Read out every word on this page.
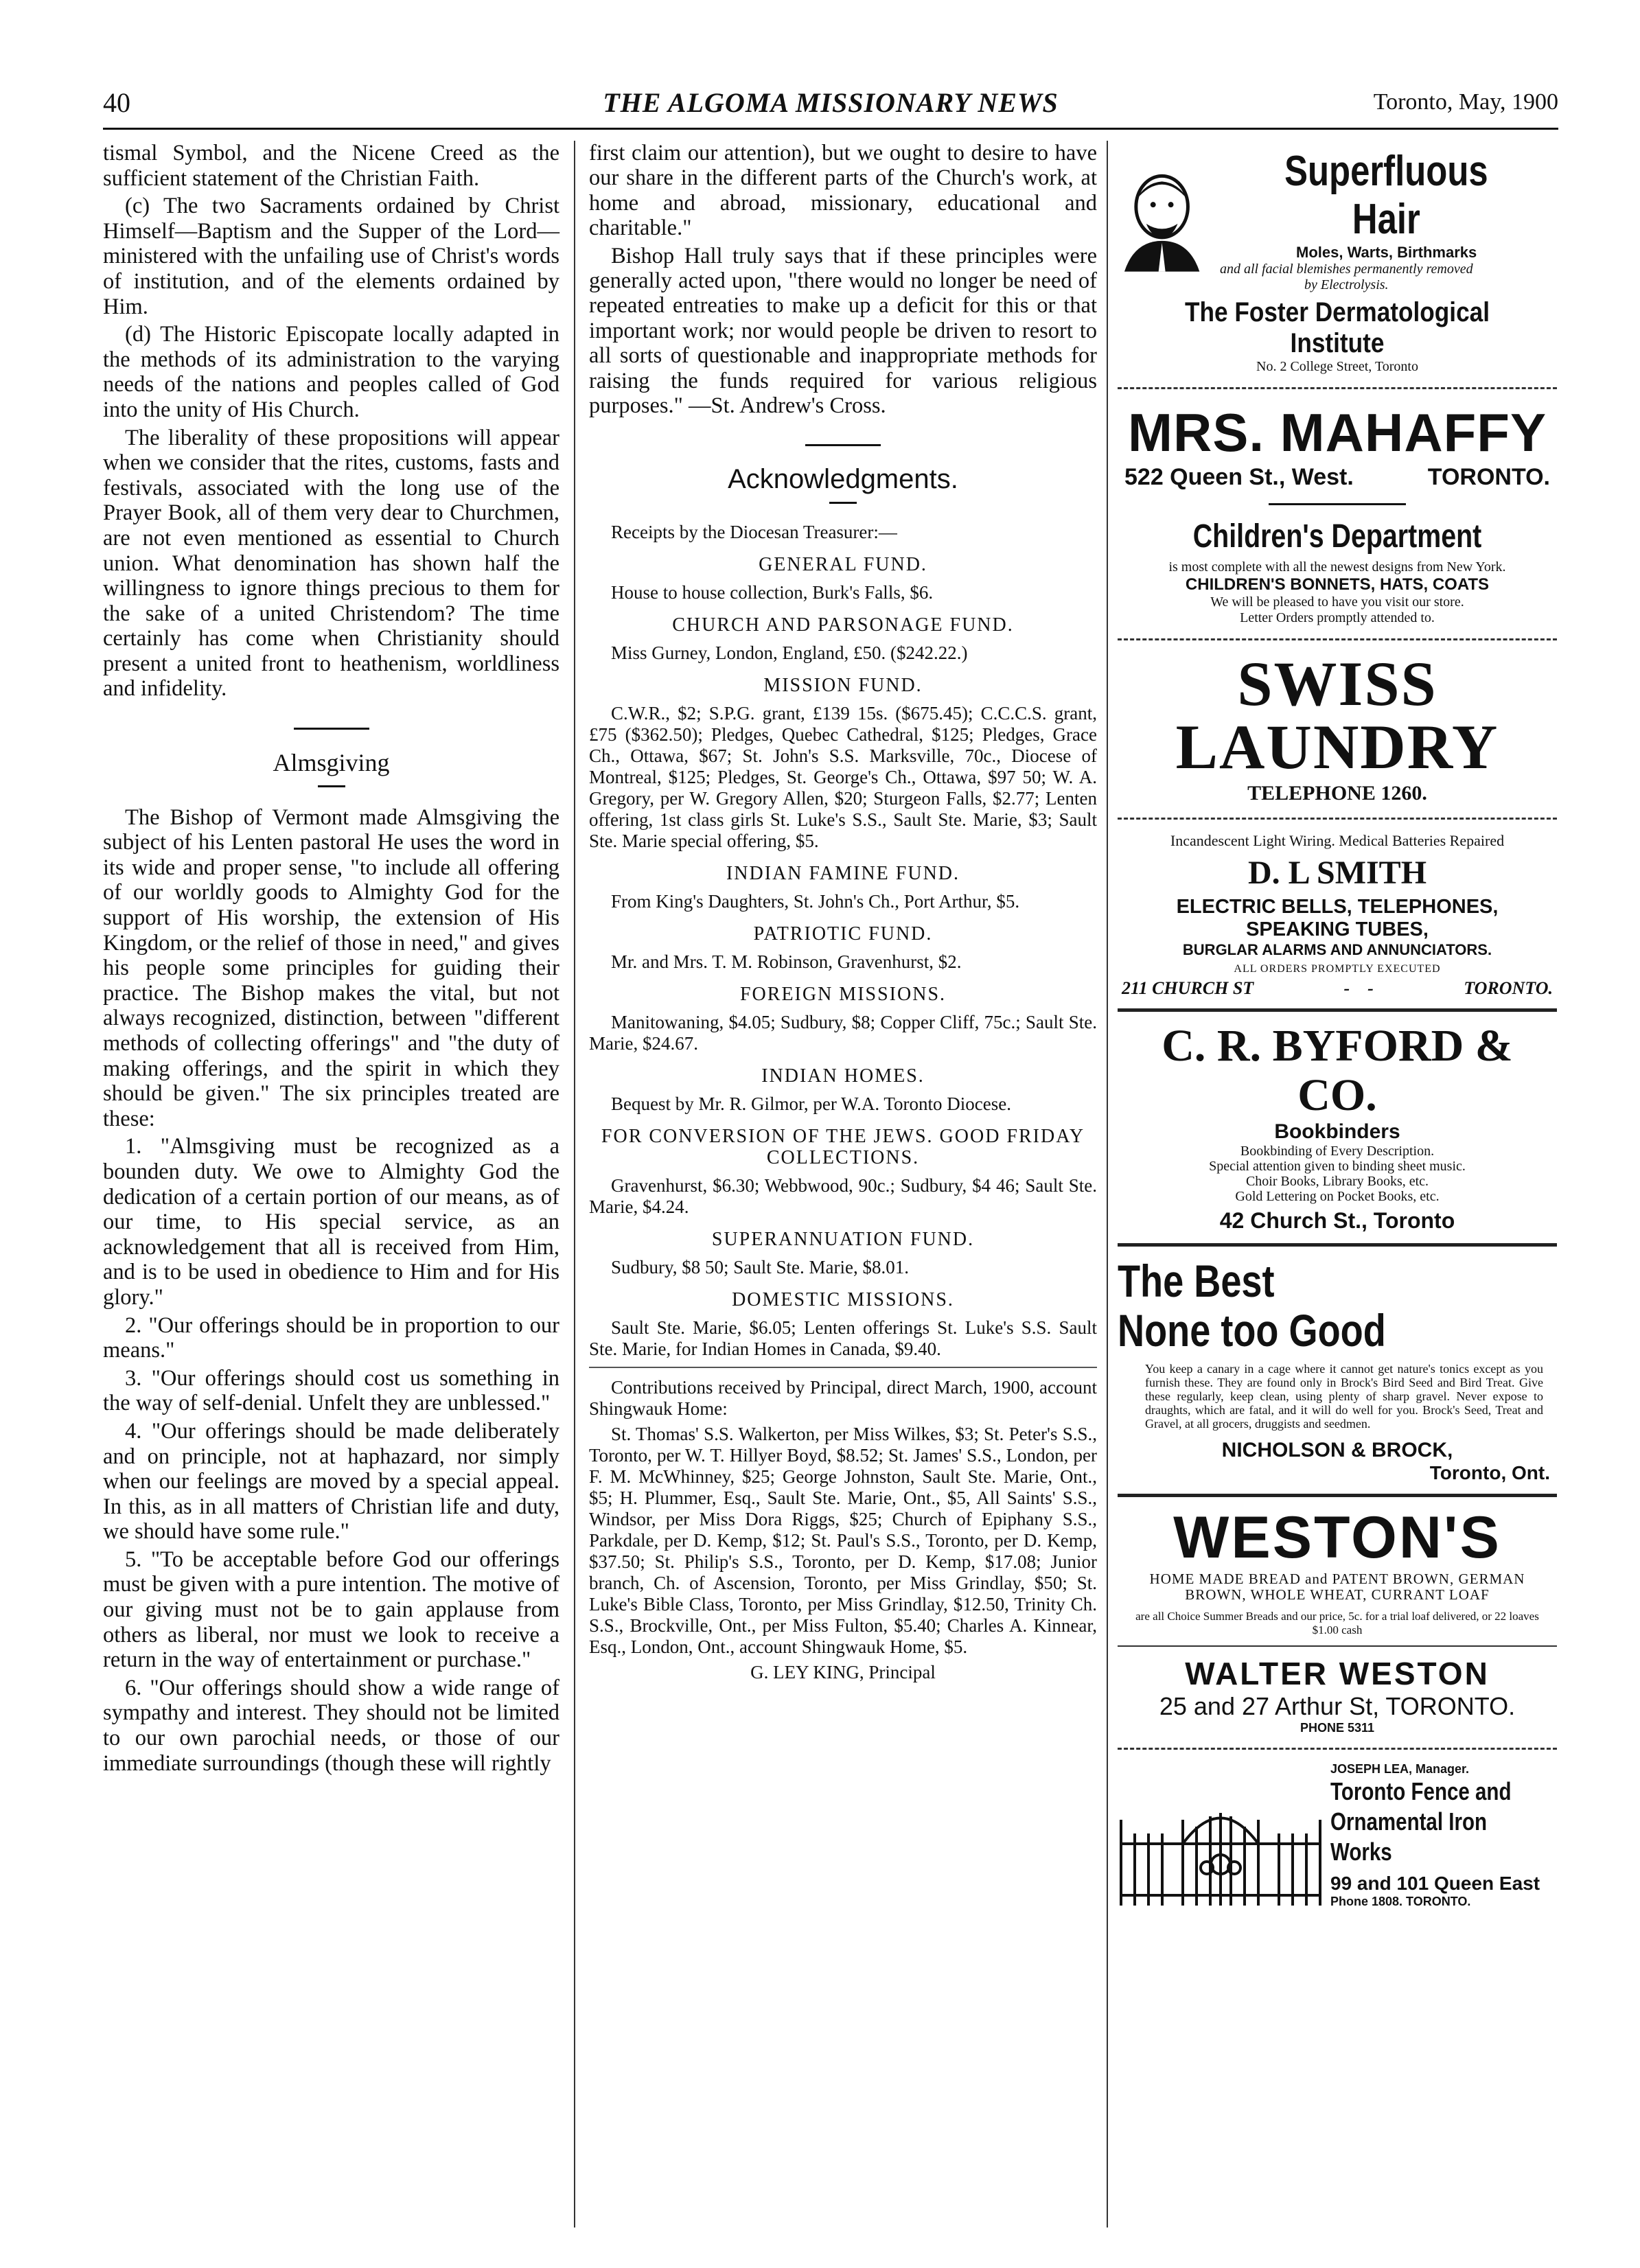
40	THE ALGOMA MISSIONARY NEWS	Toronto, May, 1900

tismal Symbol, and the Nicene Creed as the sufficient statement of the Christian Faith.

(c) The two Sacraments ordained by Christ Himself—Baptism and the Supper of the Lord—ministered with the unfailing use of Christ's words of institution, and of the elements ordained by Him.

(d) The Historic Episcopate locally adapted in the methods of its administration to the varying needs of the nations and peoples called of God into the unity of His Church.

The liberality of these propositions will appear when we consider that the rites, customs, fasts and festivals, associated with the long use of the Prayer Book, all of them very dear to Churchmen, are not even mentioned as essential to Church union. What denomination has shown half the willingness to ignore things precious to them for the sake of a united Christendom? The time certainly has come when Christianity should present a united front to heathenism, worldliness and infidelity.

Almsgiving

The Bishop of Vermont made Almsgiving the subject of his Lenten pastoral He uses the word in its wide and proper sense, "to include all offering of our worldly goods to Almighty God for the support of His worship, the extension of His Kingdom, or the relief of those in need," and gives his people some principles for guiding their practice. The Bishop makes the vital, but not always recognized, distinction, between "different methods of collecting offerings" and "the duty of making offerings, and the spirit in which they should be given." The six principles treated are these:

1. "Almsgiving must be recognized as a bounden duty. We owe to Almighty God the dedication of a certain portion of our means, as of our time, to His special service, as an acknowledgement that all is received from Him, and is to be used in obedience to Him and for His glory."

2. "Our offerings should be in proportion to our means."

3. "Our offerings should cost us something in the way of self-denial. Unfelt they are unblessed."

4. "Our offerings should be made deliberately and on principle, not at haphazard, nor simply when our feelings are moved by a special appeal. In this, as in all matters of Christian life and duty, we should have some rule."

5. "To be acceptable before God our offerings must be given with a pure intention. The motive of our giving must not be to gain applause from others as liberal, nor must we look to receive a return in the way of entertainment or purchase."

6. "Our offerings should show a wide range of sympathy and interest. They should not be limited to our own parochial needs, or those of our immediate surroundings (though these will rightly

first claim our attention), but we ought to desire to have our share in the different parts of the Church's work, at home and abroad, missionary, educational and charitable."

Bishop Hall truly says that if these principles were generally acted upon, "there would no longer be need of repeated entreaties to make up a deficit for this or that important work; nor would people be driven to resort to all sorts of questionable and inappropriate methods for raising the funds required for various religious purposes." —St. Andrew's Cross.

Acknowledgments.

Receipts by the Diocesan Treasurer:—

GENERAL FUND.

House to house collection, Burk's Falls, $6.

CHURCH AND PARSONAGE FUND.

Miss Gurney, London, England, £50. ($242.22.)

MISSION FUND.

C.W.R., $2; S.P.G. grant, £139 15s. ($675.45); C.C.C.S. grant, £75 ($362.50); Pledges, Quebec Cathedral, $125; Pledges, Grace Ch., Ottawa, $67; St. John's S.S. Marksville, 70c., Diocese of Montreal, $125; Pledges, St. George's Ch., Ottawa, $97 50; W. A. Gregory, per W. Gregory Allen, $20; Sturgeon Falls, $2.77; Lenten offering, 1st class girls St. Luke's S.S., Sault Ste. Marie, $3; Sault Ste. Marie special offering, $5.

INDIAN FAMINE FUND.

From King's Daughters, St. John's Ch., Port Arthur, $5.

PATRIOTIC FUND.

Mr. and Mrs. T. M. Robinson, Gravenhurst, $2.

FOREIGN MISSIONS.

Manitowaning, $4.05; Sudbury, $8; Copper Cliff, 75c.; Sault Ste. Marie, $24.67.

INDIAN HOMES.

Bequest by Mr. R. Gilmor, per W.A. Toronto Diocese.

FOR CONVERSION OF THE JEWS. GOOD FRIDAY COLLECTIONS.

Gravenhurst, $6.30; Webbwood, 90c.; Sudbury, $4 46; Sault Ste. Marie, $4.24.

SUPERANNUATION FUND.

Sudbury, $8 50; Sault Ste. Marie, $8.01.

DOMESTIC MISSIONS.

Sault Ste. Marie, $6.05; Lenten offerings St. Luke's S.S. Sault Ste. Marie, for Indian Homes in Canada, $9.40.

Contributions received by Principal, direct March, 1900, account Shingwauk Home:

St. Thomas' S.S. Walkerton, per Miss Wilkes, $3; St. Peter's S.S., Toronto, per W. T. Hillyer Boyd, $8.52; St. James' S.S., London, per F. M. McWhinney, $25; George Johnston, Sault Ste. Marie, Ont., $5; H. Plummer, Esq., Sault Ste. Marie, Ont., $5, All Saints' S.S., Windsor, per Miss Dora Riggs, $25; Church of Epiphany S.S., Parkdale, per D. Kemp, $12; St. Paul's S.S., Toronto, per D. Kemp, $37.50; St. Philip's S.S., Toronto, per D. Kemp, $17.08; Junior branch, Ch. of Ascension, Toronto, per Miss Grindlay, $50; St. Luke's Bible Class, Toronto, per Miss Grindlay, $12.50, Trinity Ch. S.S., Brockville, Ont., per Miss Fulton, $5.40; Charles A. Kinnear, Esq., London, Ont., account Shingwauk Home, $5.

G. LEY KING, Principal
Superfluous Hair
Moles, Warts, Birthmarks
and all facial blemishes permanently removed by Electrolysis.
The Foster Dermatological Institute
No. 2 College Street, Toronto
MRS. MAHAFFY
522 Queen St., West.	TORONTO.
Children's Department
is most complete with all the newest designs from New York.
CHILDREN'S BONNETS, HATS, COATS
We will be pleased to have you visit our store.
Letter Orders promptly attended to.
SWISS
LAUNDRY
TELEPHONE 1260.
Incandescent Light Wiring. Medical Batteries Repaired
D. L SMITH
ELECTRIC BELLS, TELEPHONES,
SPEAKING TUBES,
BURGLAR ALARMS AND ANNUNCIATORS.
ALL ORDERS PROMPTLY EXECUTED
211 CHURCH ST	-    -	TORONTO.
C. R. BYFORD & CO.
Bookbinders
Bookbinding of Every Description.
Special attention given to binding sheet music.
Choir Books, Library Books, etc.
Gold Lettering on Pocket Books, etc.
42 Church St., Toronto
The Best
None too Good
You keep a canary in a cage where it cannot get nature's tonics except as you furnish these. They are found only in Brock's Bird Seed and Bird Treat. Give these regularly, keep clean, using plenty of sharp gravel. Never expose to draughts, which are fatal, and it will do well for you. Brock's Seed, Treat and Gravel, at all grocers, druggists and seedmen.
NICHOLSON & BROCK,
Toronto, Ont.
WESTON'S
HOME MADE BREAD and PATENT BROWN, GERMAN BROWN, WHOLE WHEAT, CURRANT LOAF
are all Choice Summer Breads and our price, 5c. for a trial loaf delivered, or 22 loaves $1.00 cash
WALTER WESTON
25 and 27 Arthur St, TORONTO.
PHONE 5311
JOSEPH LEA, Manager.
Toronto Fence and
Ornamental Iron Works
99 and 101 Queen East
Phone 1808. TORONTO.
